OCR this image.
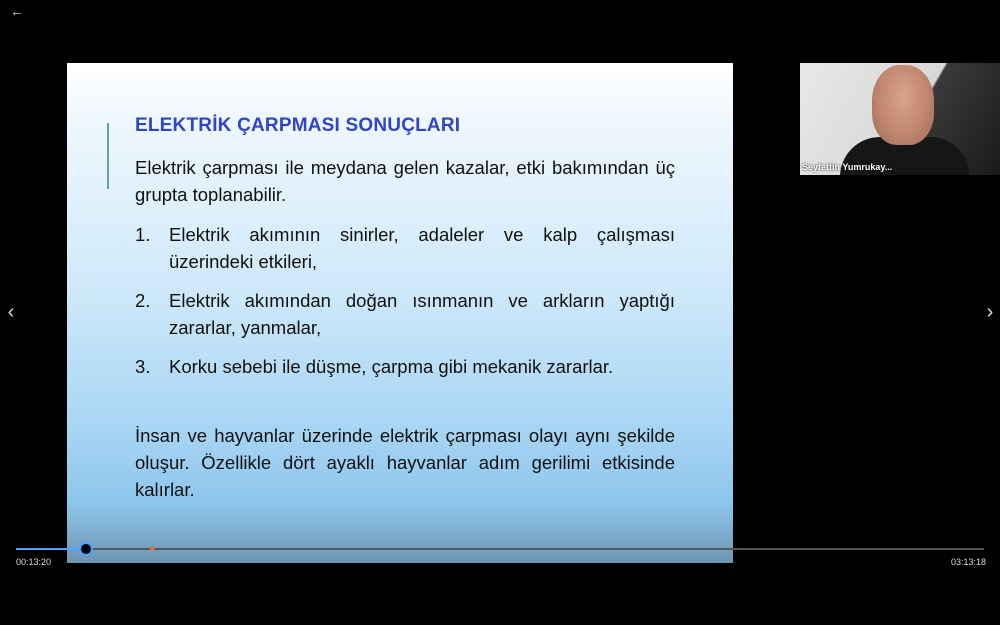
←
ELEKTRİK ÇARPMASI SONUÇLARI
Elektrik çarpması ile meydana gelen kazalar, etki bakımından üç grupta toplanabilir.
1.	Elektrik akımının sinirler, adaleler ve kalp çalışması üzerindeki etkileri,
2.	Elektrik akımından doğan ısınmanın ve arkların yaptığı zararlar, yanmalar,
3.	Korku sebebi ile düşme, çarpma gibi mekanik zararlar.
İnsan ve hayvanlar üzerinde elektrik çarpması olayı aynı şekilde oluşur. Özellikle dört ayaklı hayvanlar adım gerilimi etkisinde kalırlar.
Seyfettin Yumrukay...
‹	›
00:13:20	03:13:18
